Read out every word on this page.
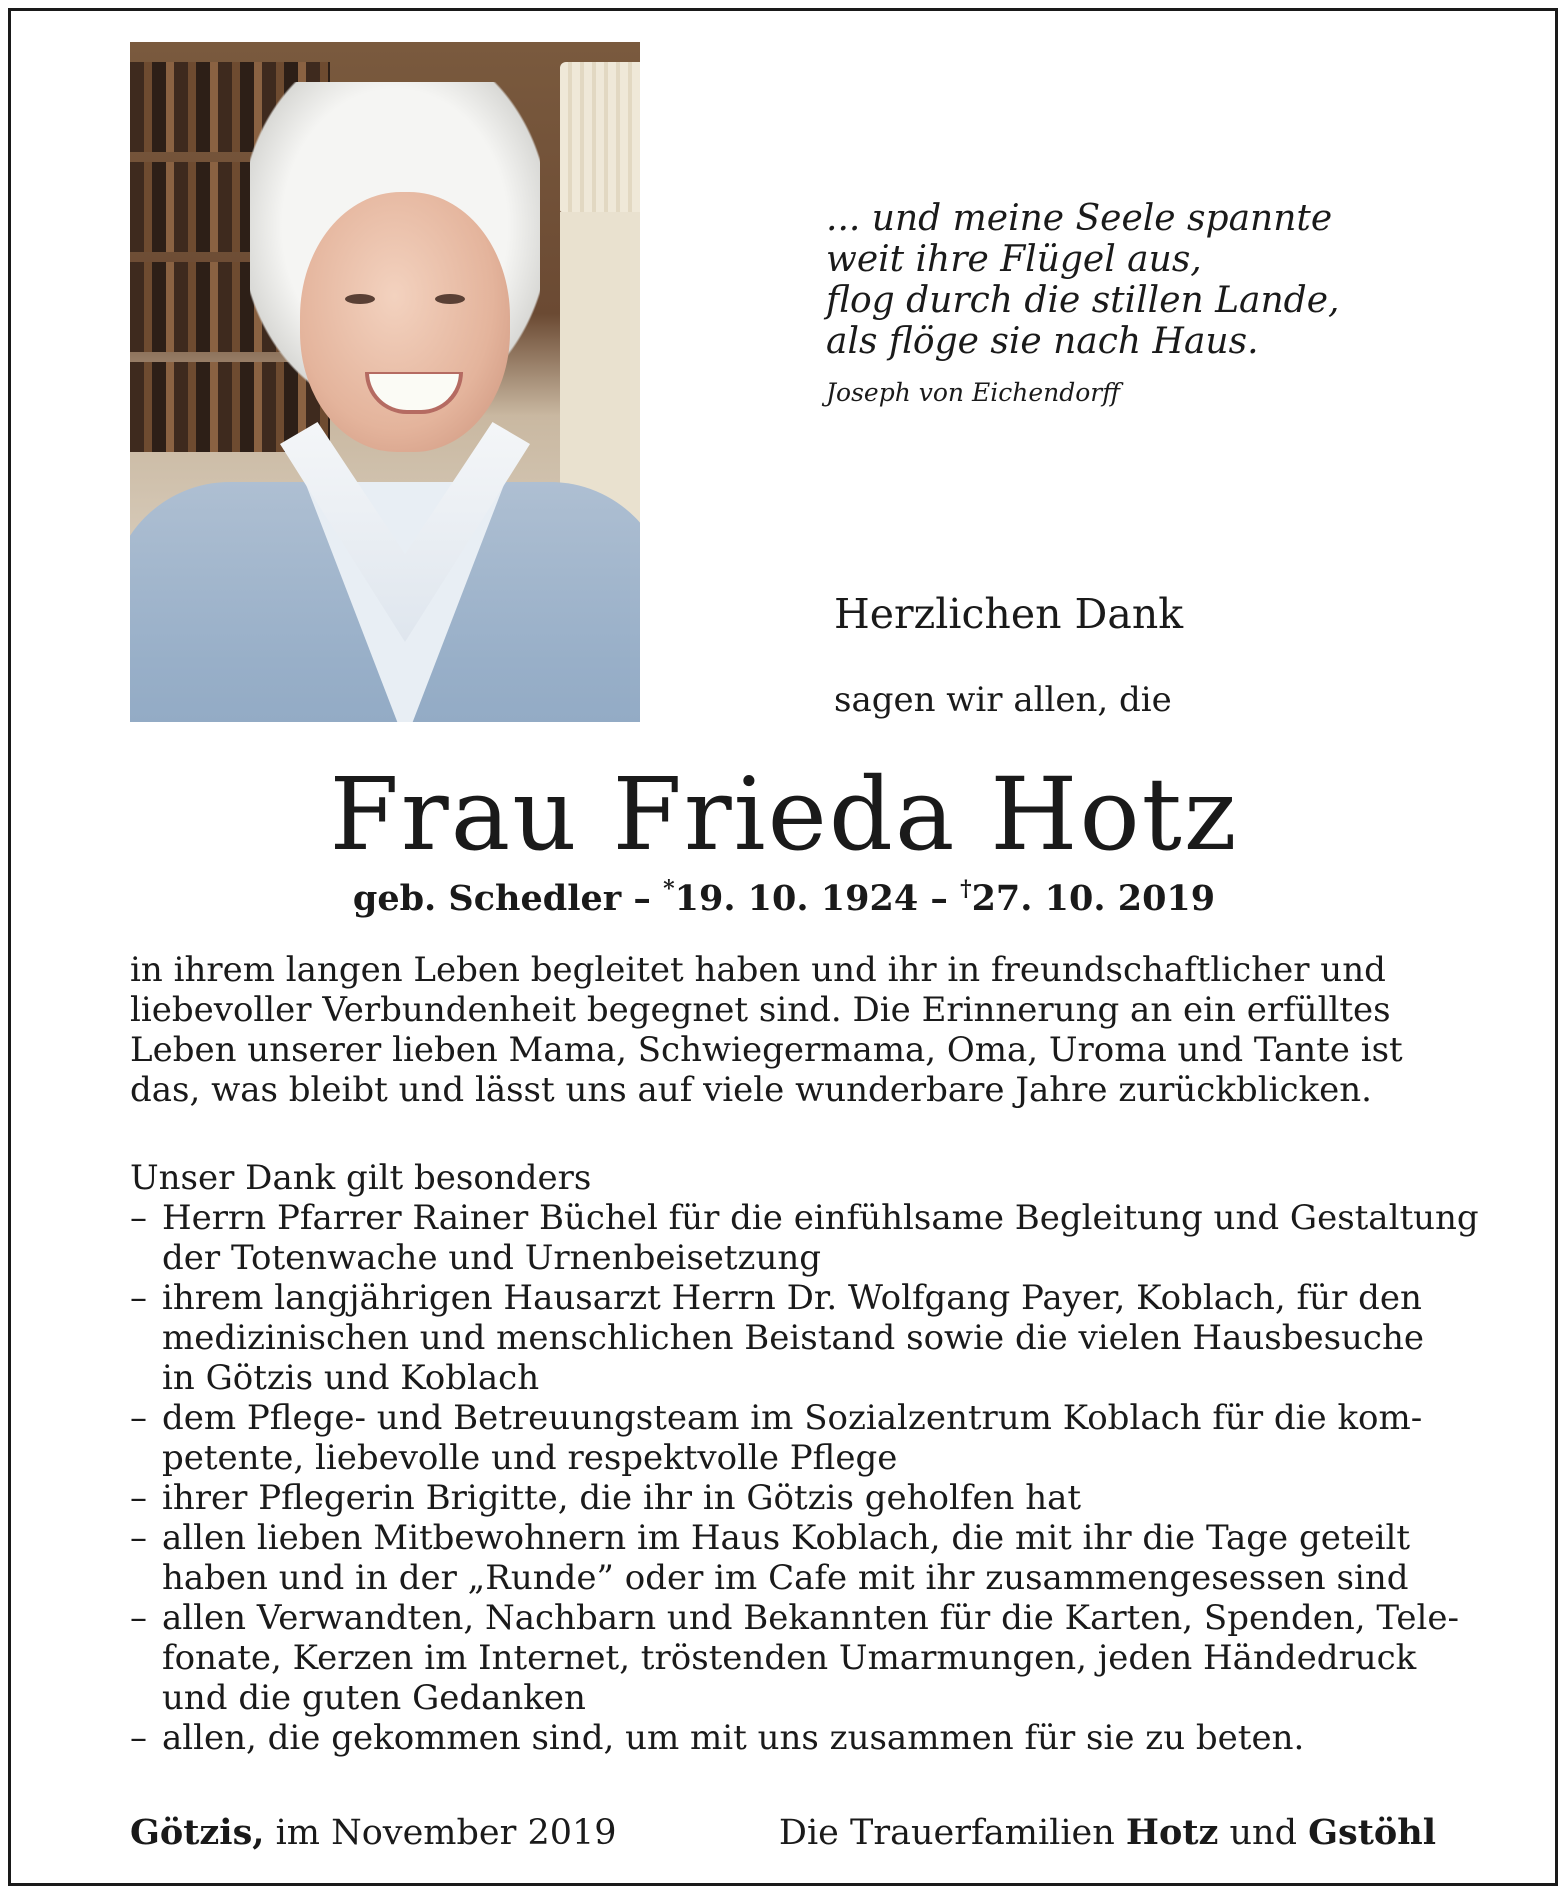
... und meine Seele spannte
weit ihre Flügel aus,
flog durch die stillen Lande,
als flöge sie nach Haus.
Joseph von Eichendorff
Herzlichen Dank
sagen wir allen, die
Frau Frieda Hotz
geb. Schedler – *19. 10. 1924 – †27. 10. 2019
in ihrem langen Leben begleitet haben und ihr in freundschaftlicher und
liebevoller Verbundenheit begegnet sind. Die Erinnerung an ein erfülltes
Leben unserer lieben Mama, Schwiegermama, Oma, Uroma und Tante ist
das, was bleibt und lässt uns auf viele wunderbare Jahre zurückblicken.
Unser Dank gilt besonders
– Herrn Pfarrer Rainer Büchel für die einfühlsame Begleitung und Gestaltung
der Totenwache und Urnenbeisetzung
– ihrem langjährigen Hausarzt Herrn Dr. Wolfgang Payer, Koblach, für den
medizinischen und menschlichen Beistand sowie die vielen Hausbesuche
in Götzis und Koblach
– dem Pflege- und Betreuungsteam im Sozialzentrum Koblach für die kom-
petente, liebevolle und respektvolle Pflege
– ihrer Pflegerin Brigitte, die ihr in Götzis geholfen hat
– allen lieben Mitbewohnern im Haus Koblach, die mit ihr die Tage geteilt
haben und in der „Runde” oder im Cafe mit ihr zusammengesessen sind
– allen Verwandten, Nachbarn und Bekannten für die Karten, Spenden, Tele-
fonate, Kerzen im Internet, tröstenden Umarmungen, jeden Händedruck
und die guten Gedanken
– allen, die gekommen sind, um mit uns zusammen für sie zu beten.
Götzis, im November 2019	Die Trauerfamilien Hotz und Gstöhl
